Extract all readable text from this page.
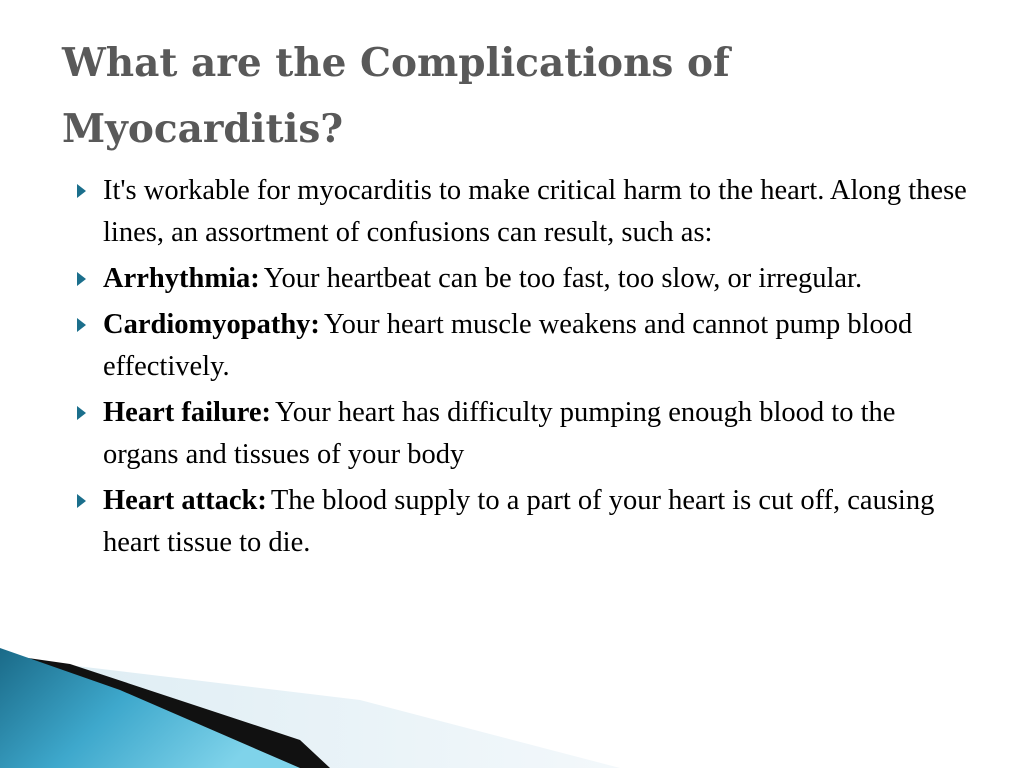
What are the Complications of Myocarditis?
It's workable for myocarditis to make critical harm to the heart. Along these lines, an assortment of confusions can result, such as:
Arrhythmia: Your heartbeat can be too fast, too slow, or irregular.
Cardiomyopathy: Your heart muscle weakens and cannot pump blood effectively.
Heart failure: Your heart has difficulty pumping enough blood to the organs and tissues of your body
Heart attack: The blood supply to a part of your heart is cut off, causing heart tissue to die.
